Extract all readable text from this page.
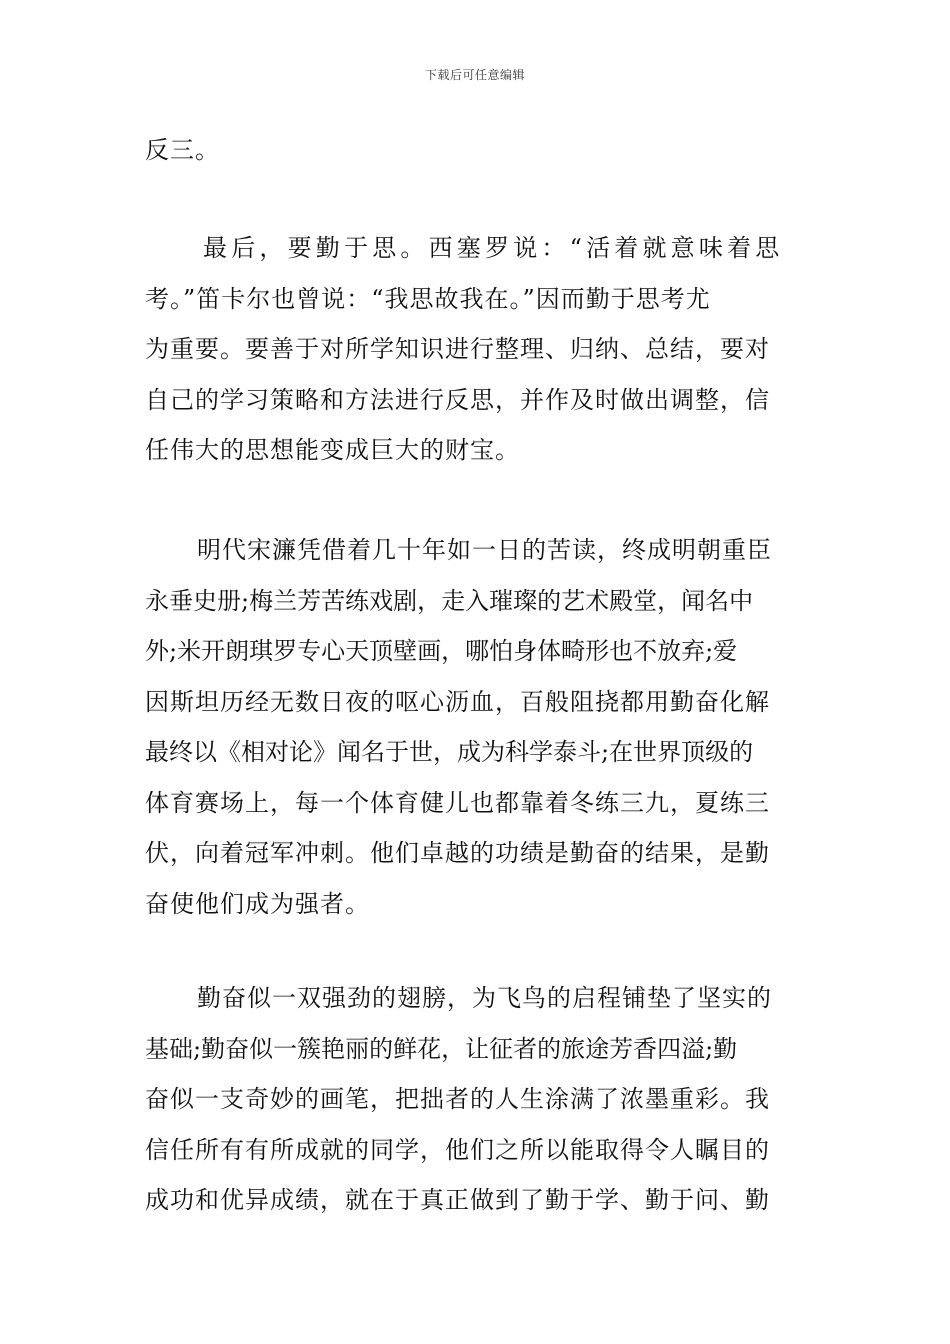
下载后可任意编辑
反三。
最后，要勤于思。西塞罗说：“活着就意味着思
考。”笛卡尔也曾说：“我思故我在。”因而勤于思考尤
为重要。要善于对所学知识进行整理、归纳、总结，要对
自己的学习策略和方法进行反思，并作及时做出调整，信
任伟大的思想能变成巨大的财宝。
明代宋濂凭借着几十年如一日的苦读，终成明朝重臣
永垂史册;梅兰芳苦练戏剧，走入璀璨的艺术殿堂，闻名中
外;米开朗琪罗专心天顶壁画，哪怕身体畸形也不放弃;爱
因斯坦历经无数日夜的呕心沥血，百般阻挠都用勤奋化解
最终以《相对论》闻名于世，成为科学泰斗;在世界顶级的
体育赛场上，每一个体育健儿也都靠着冬练三九，夏练三
伏，向着冠军冲刺。他们卓越的功绩是勤奋的结果，是勤
奋使他们成为强者。
勤奋似一双强劲的翅膀，为飞鸟的启程铺垫了坚实的
基础;勤奋似一簇艳丽的鲜花，让征者的旅途芳香四溢;勤
奋似一支奇妙的画笔，把拙者的人生涂满了浓墨重彩。我
信任所有有所成就的同学，他们之所以能取得令人瞩目的
成功和优异成绩，就在于真正做到了勤于学、勤于问、勤
